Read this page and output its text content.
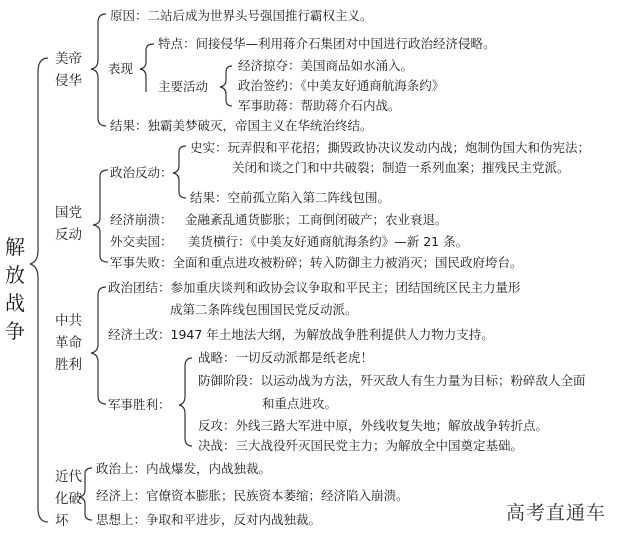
解放战争
美帝侵华
原因：二站后成为世界头号强国推行霸权主义。
表现
特点：间接侵华—利用蒋介石集团对中国进行政治经济侵略。
主要活动
经济掠夺：美国商品如水涌入。
政治签约：《中美友好通商航海条约》
军事助蒋：帮助蒋介石内战。
结果：独霸美梦破灭，帝国主义在华统治终结。
国党反动
政治反动：
史实：玩弄假和平花招；撕毁政协决议发动内战；炮制伪国大和伪宪法；
关闭和谈之门和中共破裂；制造一系列血案；摧残民主党派。
结果：空前孤立陷入第二阵线包围。
经济崩溃： 金融紊乱通货膨胀；工商倒闭破产；农业衰退。
外交卖国： 美货横行：《中美友好通商航海条约》—新 21 条。
军事失败：全面和重点进攻被粉碎；转入防御主力被消灭；国民政府垮台。
中共革命胜利
政治团结：参加重庆谈判和政协会议争取和平民主；团结国统区民主力量形
成第二条阵线包围国民党反动派。
经济土改：1947 年土地法大纲，为解放战争胜利提供人力物力支持。
军事胜利：
战略：一切反动派都是纸老虎！
防御阶段：以运动战为方法，歼灭敌人有生力量为目标；粉碎敌人全面
和重点进攻。
反攻：外线三路大军进中原，外线收复失地；解放战争转折点。
决战：三大战役歼灭国民党主力；为解放全中国奠定基础。
近代化破坏
政治上：内战爆发，内战独裁。
经济上：官僚资本膨胀；民族资本萎缩；经济陷入崩溃。
思想上：争取和平进步，反对内战独裁。	高考直通车
